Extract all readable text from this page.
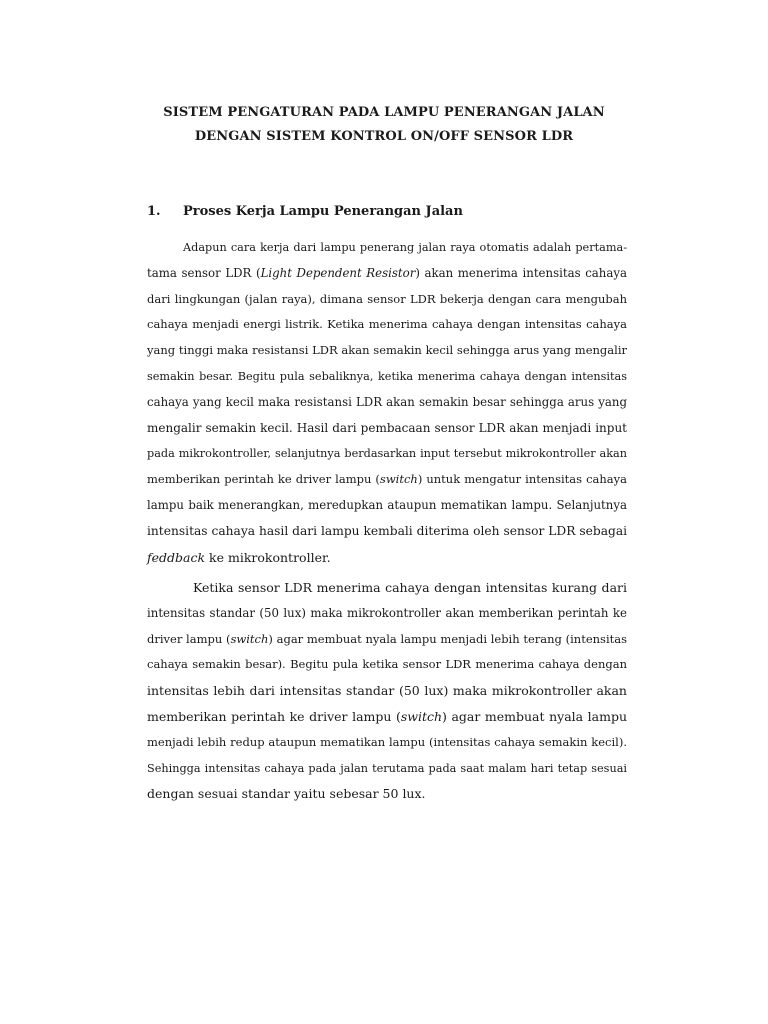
SISTEM PENGATURAN PADA LAMPU PENERANGAN JALAN
DENGAN SISTEM KONTROL ON/OFF SENSOR LDR
1. Proses Kerja Lampu Penerangan Jalan
Adapun cara kerja dari lampu penerang jalan raya otomatis adalah pertama-
tama sensor LDR (Light Dependent Resistor) akan menerima intensitas cahaya
dari lingkungan (jalan raya), dimana sensor LDR bekerja dengan cara mengubah
cahaya menjadi energi listrik. Ketika menerima cahaya dengan intensitas cahaya
yang tinggi maka resistansi LDR akan semakin kecil sehingga arus yang mengalir
semakin besar. Begitu pula sebaliknya, ketika menerima cahaya dengan intensitas
cahaya yang kecil maka resistansi LDR akan semakin besar sehingga arus yang
mengalir semakin kecil. Hasil dari pembacaan sensor LDR akan menjadi input
pada mikrokontroller, selanjutnya berdasarkan input tersebut mikrokontroller akan
memberikan perintah ke driver lampu (switch) untuk mengatur intensitas cahaya
lampu baik menerangkan, meredupkan ataupun mematikan lampu. Selanjutnya
intensitas cahaya hasil dari lampu kembali diterima oleh sensor LDR sebagai
feddback ke mikrokontroller.
Ketika sensor LDR menerima cahaya dengan intensitas kurang dari
intensitas standar (50 lux) maka mikrokontroller akan memberikan perintah ke
driver lampu (switch) agar membuat nyala lampu menjadi lebih terang (intensitas
cahaya semakin besar). Begitu pula ketika sensor LDR menerima cahaya dengan
intensitas lebih dari intensitas standar (50 lux) maka mikrokontroller akan
memberikan perintah ke driver lampu (switch) agar membuat nyala lampu
menjadi lebih redup ataupun mematikan lampu (intensitas cahaya semakin kecil).
Sehingga intensitas cahaya pada jalan terutama pada saat malam hari tetap sesuai
dengan sesuai standar yaitu sebesar 50 lux.
